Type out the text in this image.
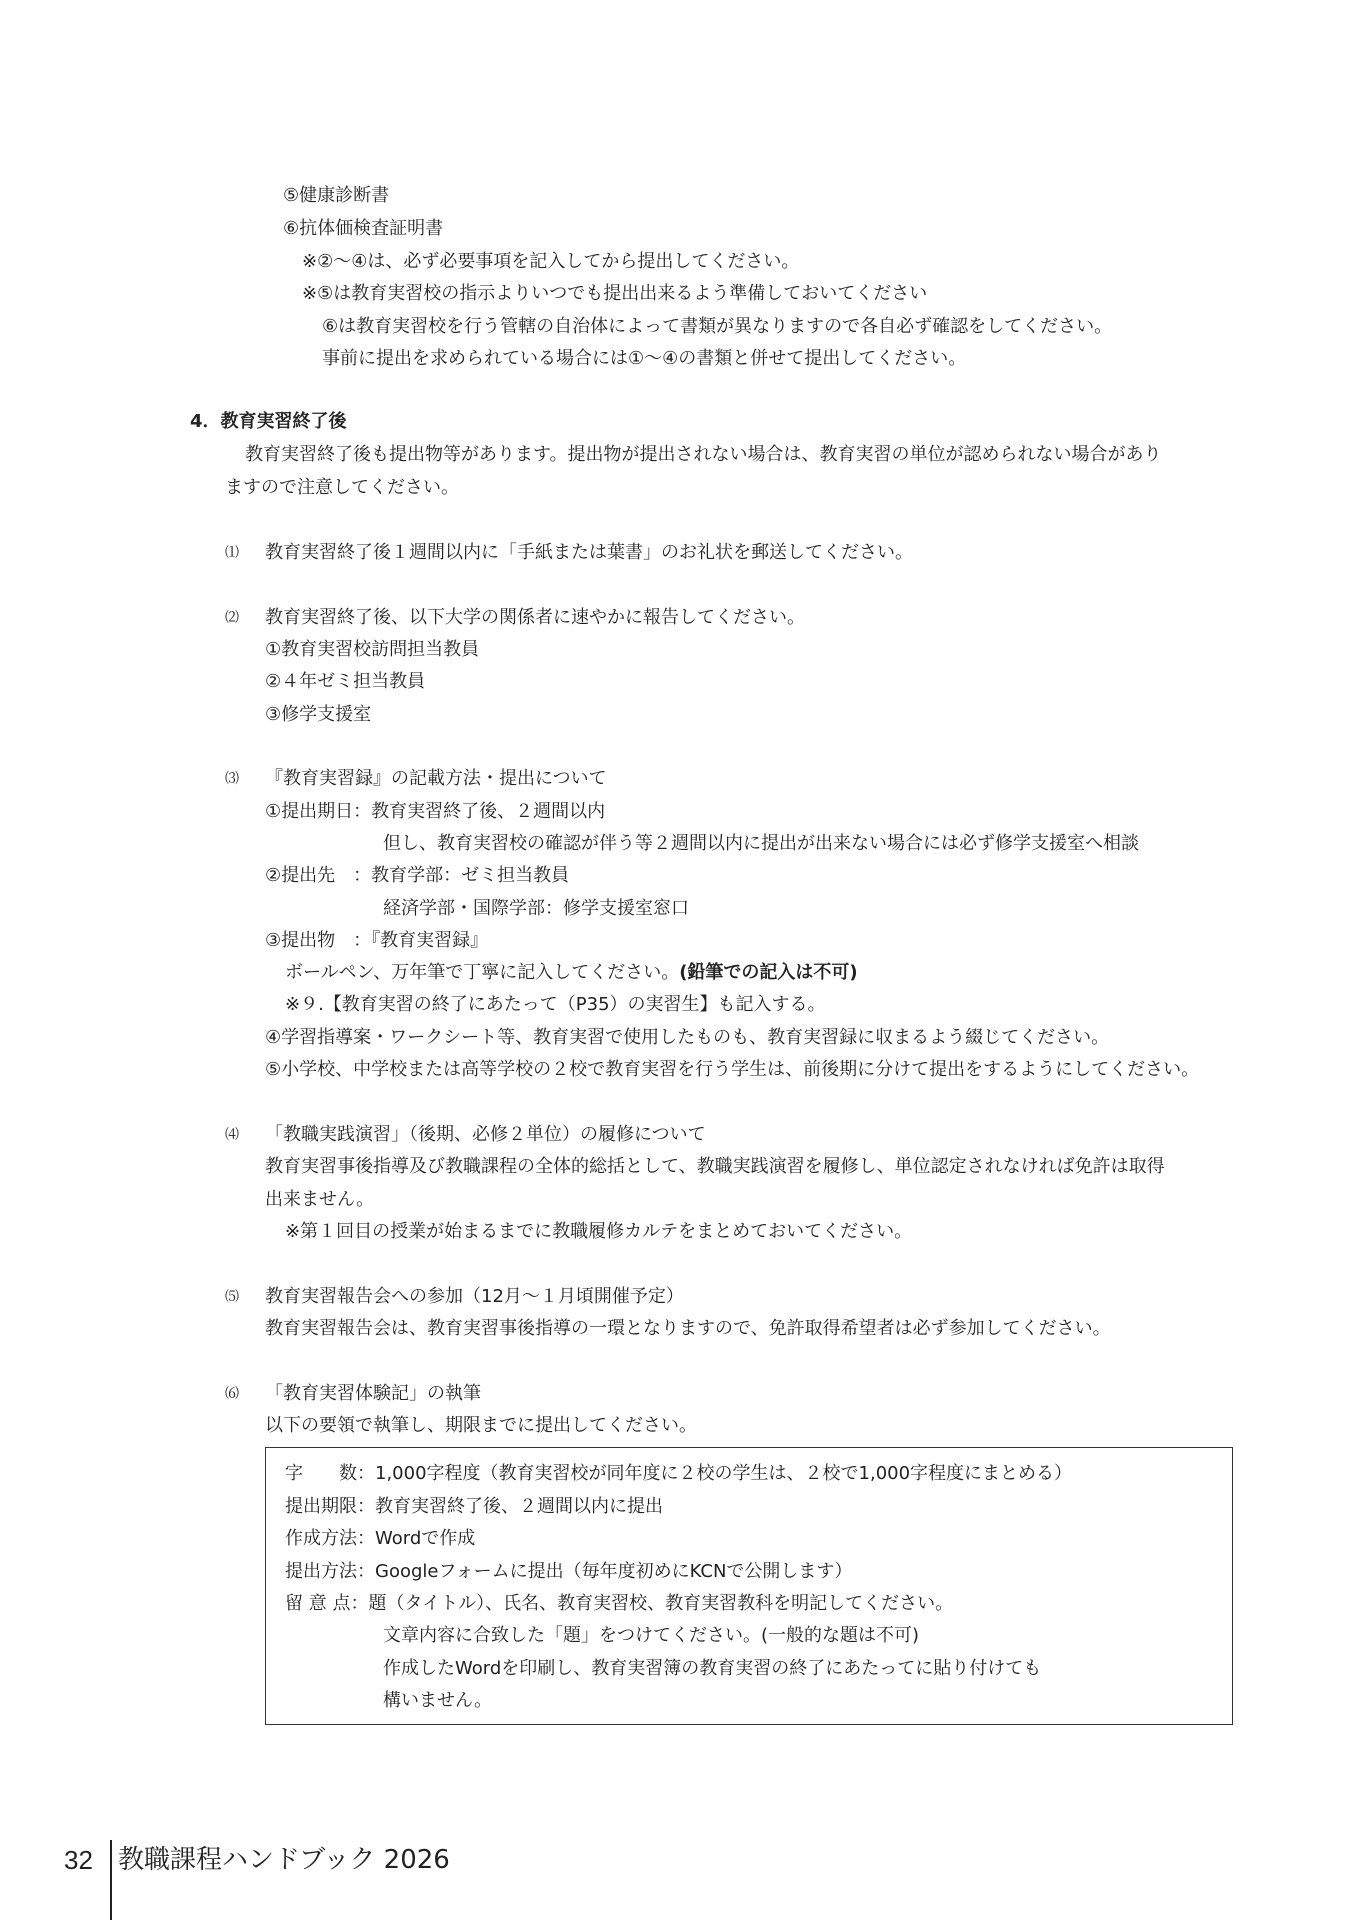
⑤健康診断書
⑥抗体価検査証明書
※②～④は、必ず必要事項を記入してから提出してください。
※⑤は教育実習校の指示よりいつでも提出出来るよう準備しておいてください
⑥は教育実習校を行う管轄の自治体によって書類が異なりますので各自必ず確認をしてください。
事前に提出を求められている場合には①～④の書類と併せて提出してください。
4．教育実習終了後
教育実習終了後も提出物等があります。提出物が提出されない場合は、教育実習の単位が認められない場合があり
ますので注意してください。
⑴ 教育実習終了後１週間以内に「手紙または葉書」のお礼状を郵送してください。
⑵ 教育実習終了後、以下大学の関係者に速やかに報告してください。
①教育実習校訪問担当教員
②４年ゼミ担当教員
③修学支援室
⑶ 『教育実習録』の記載方法・提出について
①提出期日：教育実習終了後、２週間以内
但し、教育実習校の確認が伴う等２週間以内に提出が出来ない場合には必ず修学支援室へ相談
②提出先　：教育学部：ゼミ担当教員
経済学部・国際学部：修学支援室窓口
③提出物　：『教育実習録』
ボールペン、万年筆で丁寧に記入してください。(鉛筆での記入は不可)
※９.【教育実習の終了にあたって（P35）の実習生】も記入する。
④学習指導案・ワークシート等、教育実習で使用したものも、教育実習録に収まるよう綴じてください。
⑤小学校、中学校または高等学校の２校で教育実習を行う学生は、前後期に分けて提出をするようにしてください。
⑷ 「教職実践演習」（後期、必修２単位）の履修について
教育実習事後指導及び教職課程の全体的総括として、教職実践演習を履修し、単位認定されなければ免許は取得
出来ません。
※第１回目の授業が始まるまでに教職履修カルテをまとめておいてください。
⑸ 教育実習報告会への参加（12月～１月頃開催予定）
教育実習報告会は、教育実習事後指導の一環となりますので、免許取得希望者は必ず参加してください。
⑹ 「教育実習体験記」の執筆
以下の要領で執筆し、期限までに提出してください。
字　　数：1,000字程度（教育実習校が同年度に２校の学生は、２校で1,000字程度にまとめる）
提出期限：教育実習終了後、２週間以内に提出
作成方法：Wordで作成
提出方法：Googleフォームに提出（毎年度初めにKCNで公開します）
留 意 点：題（タイトル）、氏名、教育実習校、教育実習教科を明記してください。
文章内容に合致した「題」をつけてください。(一般的な題は不可)
作成したWordを印刷し、教育実習簿の教育実習の終了にあたってに貼り付けても
構いません。
32 教職課程ハンドブック 2026
